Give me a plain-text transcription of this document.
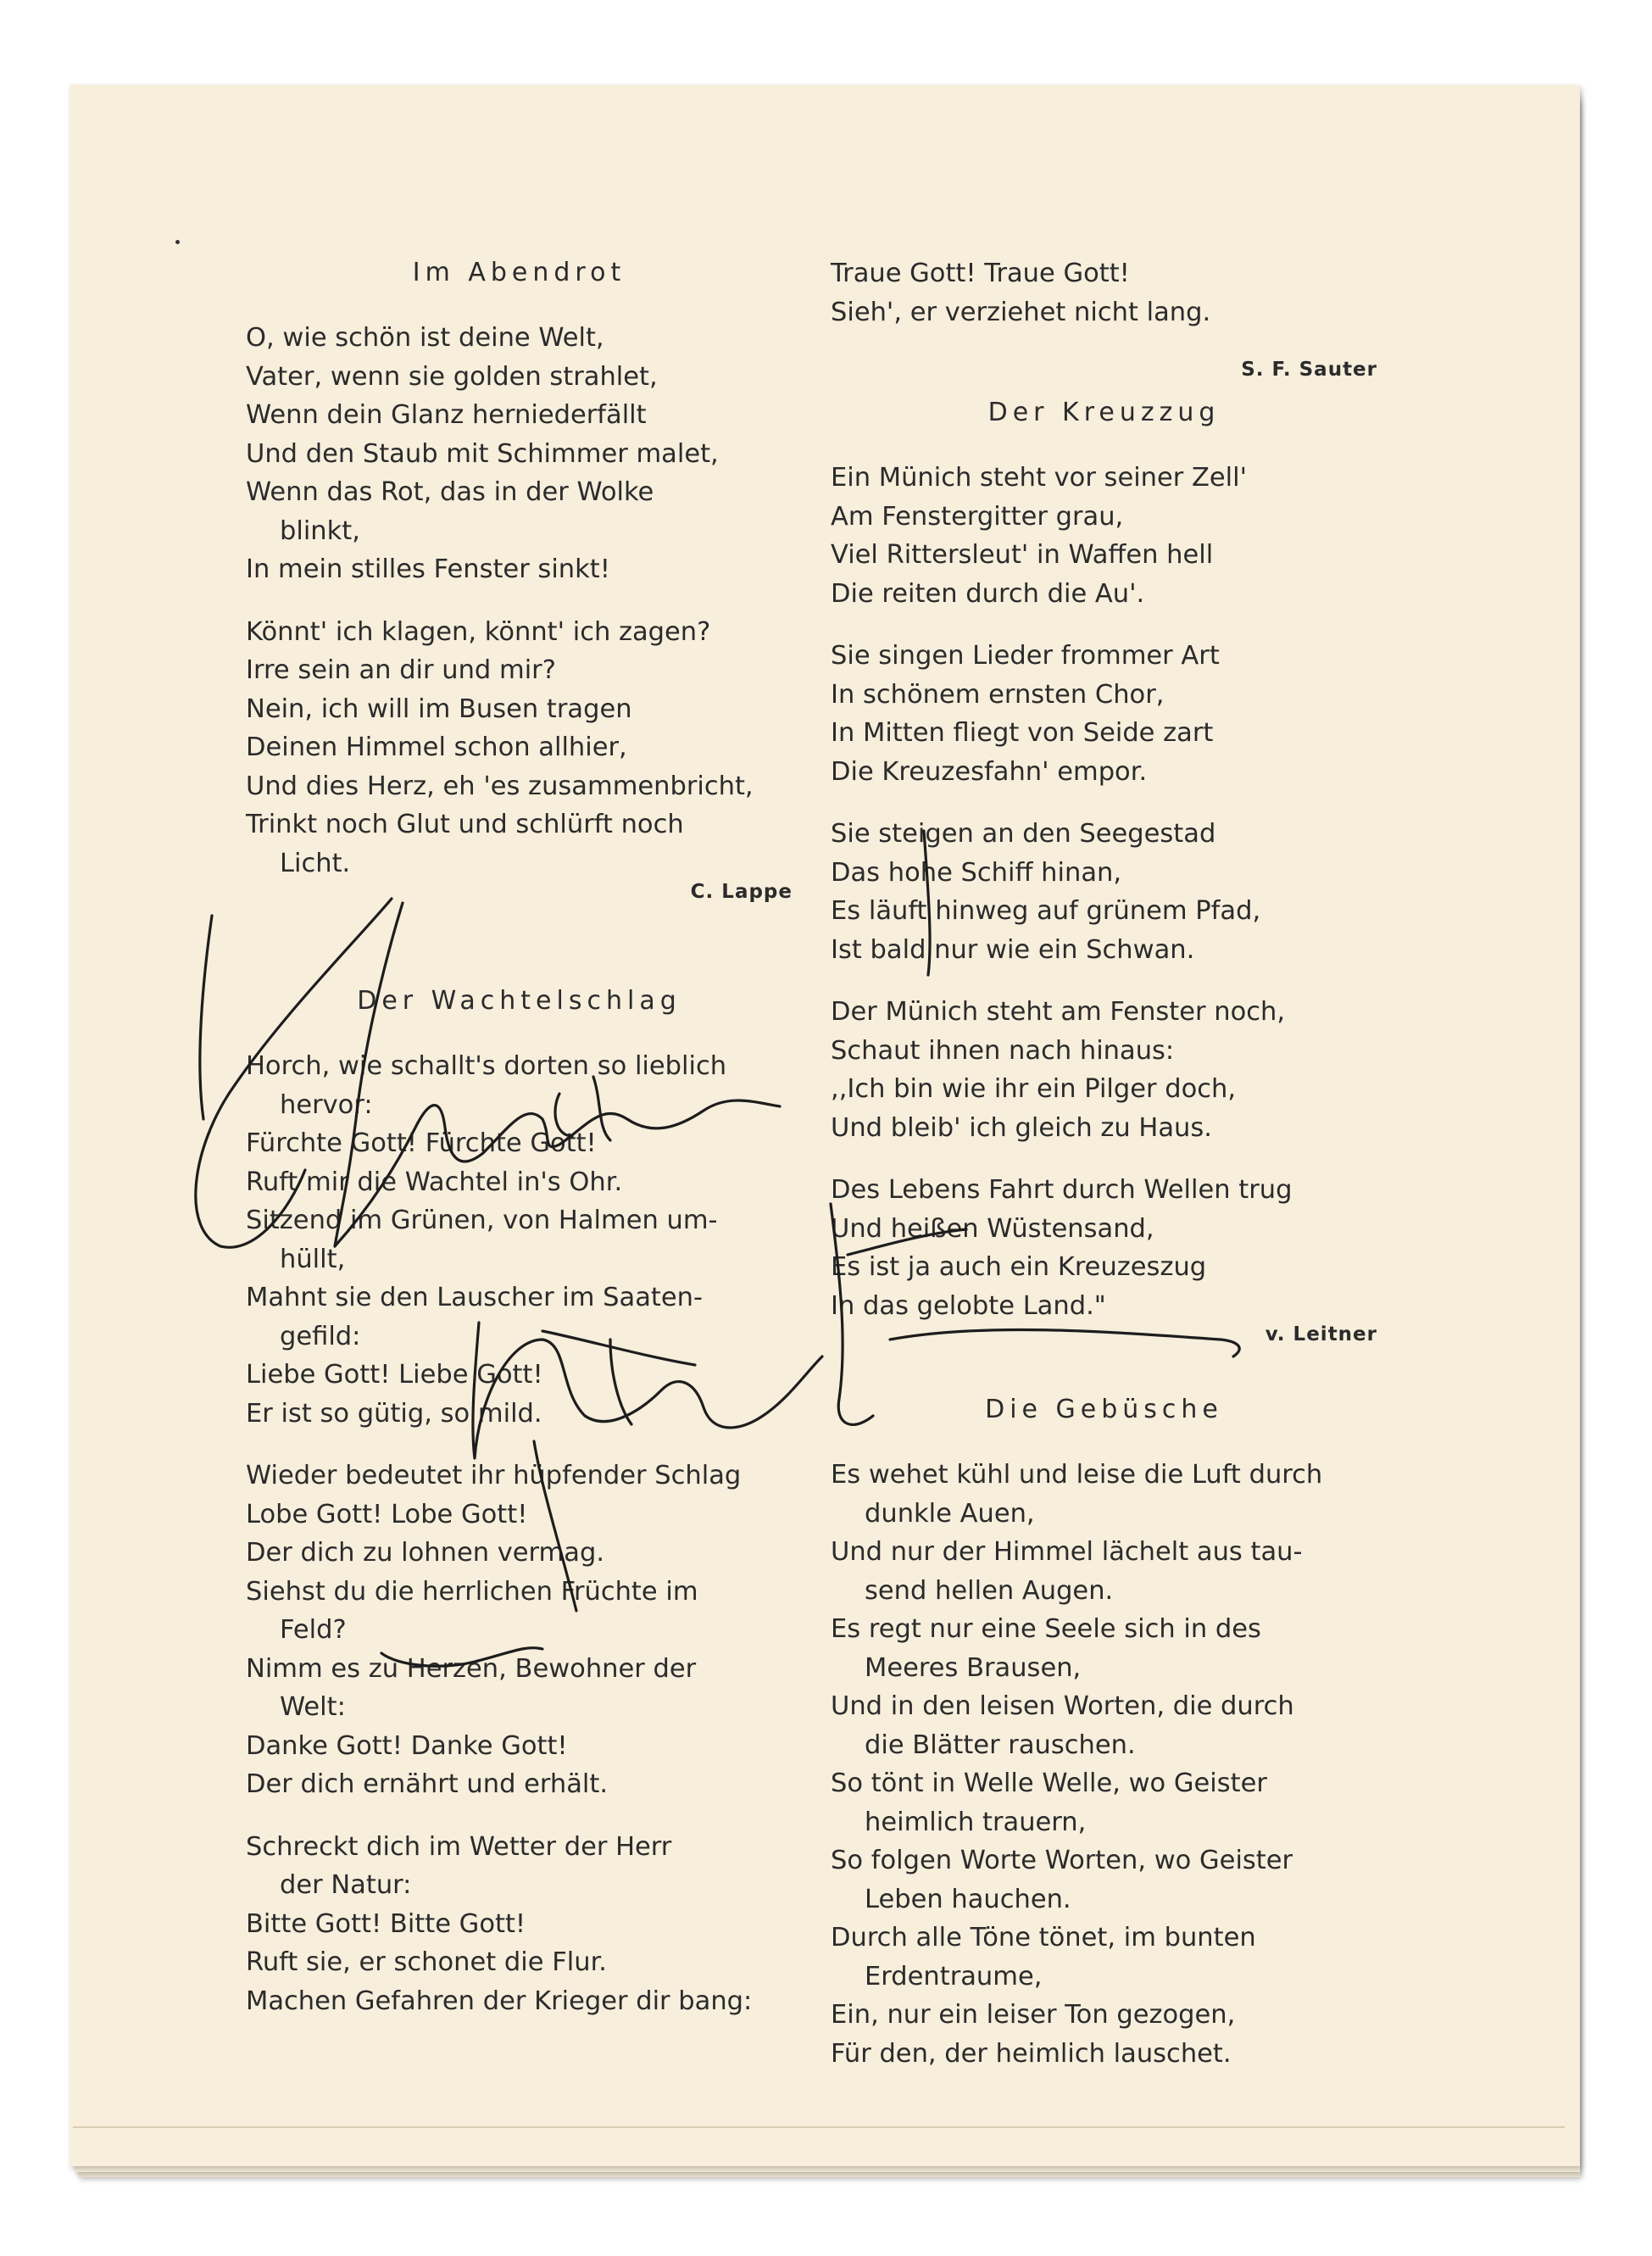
Im Abendrot
O, wie schön ist deine Welt,
Vater, wenn sie golden strahlet,
Wenn dein Glanz herniederfällt
Und den Staub mit Schimmer malet,
Wenn das Rot, das in der Wolke
blinkt,
In mein stilles Fenster sinkt!
Könnt' ich klagen, könnt' ich zagen?
Irre sein an dir und mir?
Nein, ich will im Busen tragen
Deinen Himmel schon allhier,
Und dies Herz, eh 'es zusammenbricht,
Trinkt noch Glut und schlürft noch
Licht.
C. Lappe
Der Wachtelschlag
Horch, wie schallt's dorten so lieblich
hervor:
Fürchte Gott! Fürchte Gott!
Ruft mir die Wachtel in's Ohr.
Sitzend im Grünen, von Halmen um-
hüllt,
Mahnt sie den Lauscher im Saaten-
gefild:
Liebe Gott! Liebe Gott!
Er ist so gütig, so mild.
Wieder bedeutet ihr hüpfender Schlag
Lobe Gott! Lobe Gott!
Der dich zu lohnen vermag.
Siehst du die herrlichen Früchte im
Feld?
Nimm es zu Herzen, Bewohner der
Welt:
Danke Gott! Danke Gott!
Der dich ernährt und erhält.
Schreckt dich im Wetter der Herr
der Natur:
Bitte Gott! Bitte Gott!
Ruft sie, er schonet die Flur.
Machen Gefahren der Krieger dir bang:
Traue Gott! Traue Gott!
Sieh', er verziehet nicht lang.
S. F. Sauter
Der Kreuzzug
Ein Münich steht vor seiner Zell'
Am Fenstergitter grau,
Viel Rittersleut' in Waffen hell
Die reiten durch die Au'.
Sie singen Lieder frommer Art
In schönem ernsten Chor,
In Mitten fliegt von Seide zart
Die Kreuzesfahn' empor.
Sie steigen an den Seegestad
Das hohe Schiff hinan,
Es läuft hinweg auf grünem Pfad,
Ist bald nur wie ein Schwan.
Der Münich steht am Fenster noch,
Schaut ihnen nach hinaus:
,,Ich bin wie ihr ein Pilger doch,
Und bleib' ich gleich zu Haus.
Des Lebens Fahrt durch Wellen trug
Und heißen Wüstensand,
Es ist ja auch ein Kreuzeszug
In das gelobte Land."
v. Leitner
Die Gebüsche
Es wehet kühl und leise die Luft durch
dunkle Auen,
Und nur der Himmel lächelt aus tau-
send hellen Augen.
Es regt nur eine Seele sich in des
Meeres Brausen,
Und in den leisen Worten, die durch
die Blätter rauschen.
So tönt in Welle Welle, wo Geister
heimlich trauern,
So folgen Worte Worten, wo Geister
Leben hauchen.
Durch alle Töne tönet, im bunten
Erdentraume,
Ein, nur ein leiser Ton gezogen,
Für den, der heimlich lauschet.
